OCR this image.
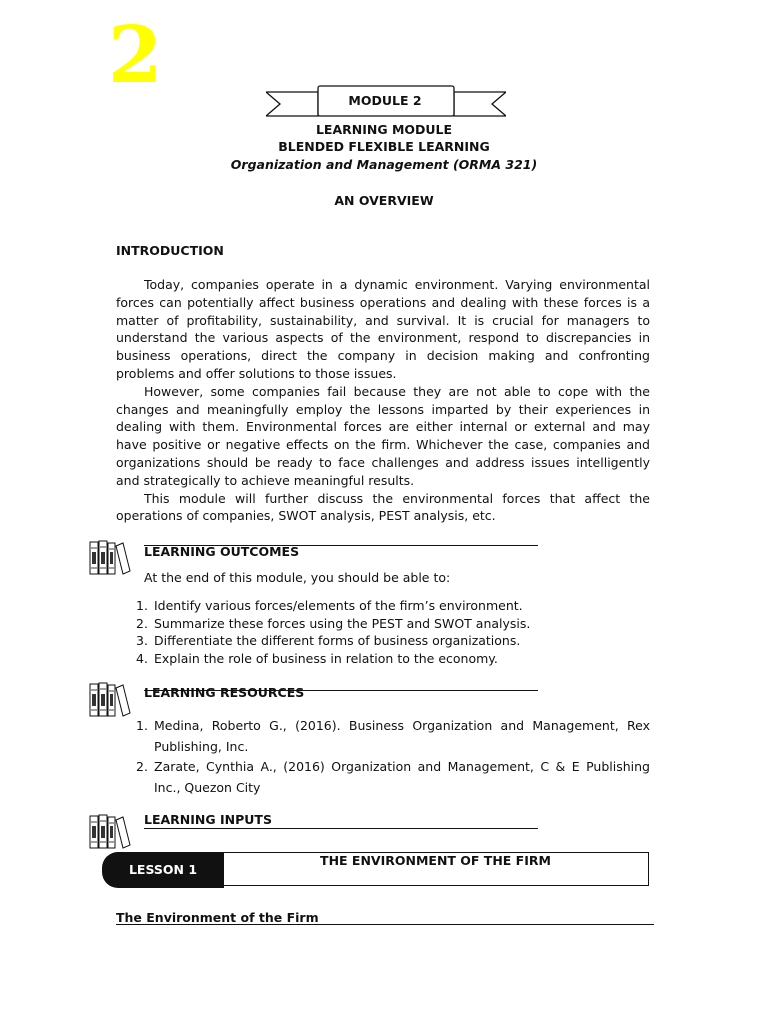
2	MODULE 2
LEARNING MODULE
BLENDED FLEXIBLE LEARNING
Organization and Management (ORMA 321)
AN OVERVIEW
INTRODUCTION

Today, companies operate in a dynamic environment. Varying environmental forces can potentially affect business operations and dealing with these forces is a matter of profitability, sustainability, and survival. It is crucial for managers to understand the various aspects of the environment, respond to discrepancies in business operations, direct the company in decision making and confronting problems and offer solutions to those issues.

However, some companies fail because they are not able to cope with the changes and meaningfully employ the lessons imparted by their experiences in dealing with them. Environmental forces are either internal or external and may have positive or negative effects on the firm. Whichever the case, companies and organizations should be ready to face challenges and address issues intelligently and strategically to achieve meaningful results.

This module will further discuss the environmental forces that affect the operations of companies, SWOT analysis, PEST analysis, etc.

LEARNING OUTCOMES
At the end of this module, you should be able to:
1. Identify various forces/elements of the firm’s environment.
2. Summarize these forces using the PEST and SWOT analysis.
3. Differentiate the different forms of business organizations.
4. Explain the role of business in relation to the economy.
LEARNING RESOURCES
1. Medina, Roberto G., (2016). Business Organization and Management, Rex Publishing, Inc.
2. Zarate, Cynthia A., (2016) Organization and Management, C & E Publishing Inc., Quezon City
LEARNING INPUTS
THE ENVIRONMENT OF THE FIRM
LESSON 1
The Environment of the Firm
